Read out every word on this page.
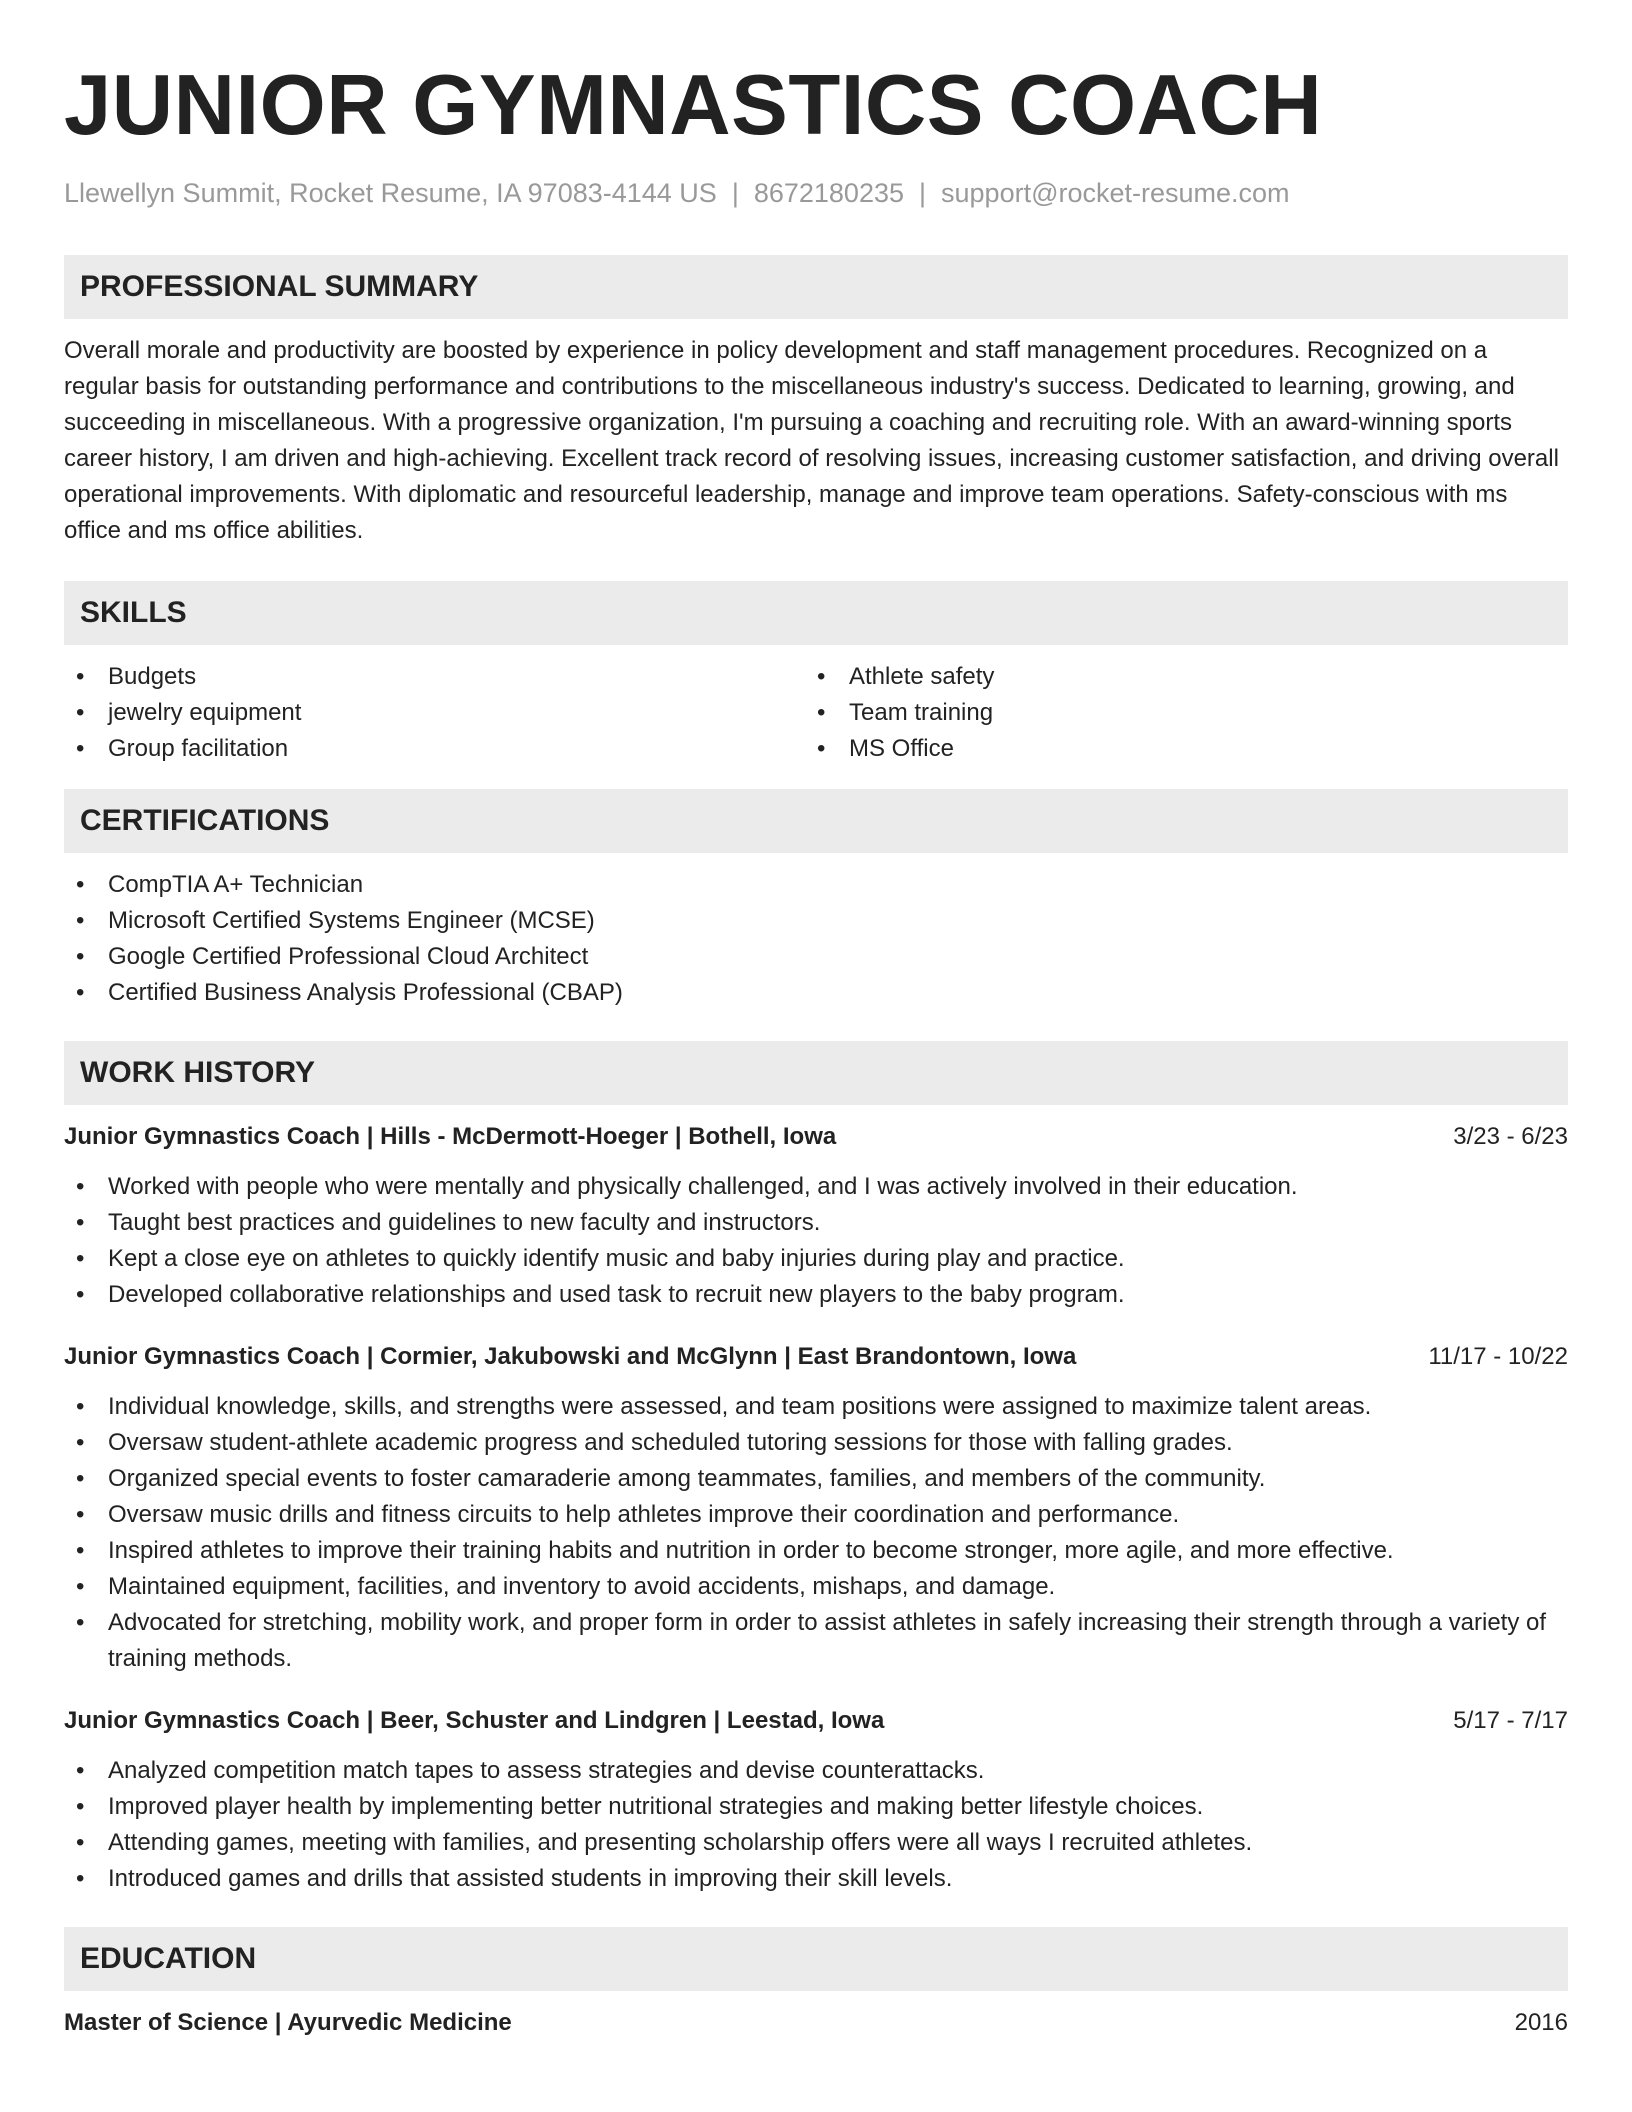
JUNIOR GYMNASTICS COACH
Llewellyn Summit, Rocket Resume, IA 97083-4144 US | 8672180235 | support@rocket-resume.com
PROFESSIONAL SUMMARY

Overall morale and productivity are boosted by experience in policy development and staff management procedures. Recognized on a regular basis for outstanding performance and contributions to the miscellaneous industry's success. Dedicated to learning, growing, and succeeding in miscellaneous. With a progressive organization, I'm pursuing a coaching and recruiting role. With an award-winning sports career history, I am driven and high-achieving. Excellent track record of resolving issues, increasing customer satisfaction, and driving overall operational improvements. With diplomatic and resourceful leadership, manage and improve team operations. Safety-conscious with ms office and ms office abilities.

SKILLS
• Budgets
• jewelry equipment
• Group facilitation
• Athlete safety
• Team training
• MS Office
CERTIFICATIONS
• CompTIA A+ Technician
• Microsoft Certified Systems Engineer (MCSE)
• Google Certified Professional Cloud Architect
• Certified Business Analysis Professional (CBAP)
WORK HISTORY
Junior Gymnastics Coach | Hills - McDermott-Hoeger | Bothell, Iowa	3/23 - 6/23
• Worked with people who were mentally and physically challenged, and I was actively involved in their education.
• Taught best practices and guidelines to new faculty and instructors.
• Kept a close eye on athletes to quickly identify music and baby injuries during play and practice.
• Developed collaborative relationships and used task to recruit new players to the baby program.
Junior Gymnastics Coach | Cormier, Jakubowski and McGlynn | East Brandontown, Iowa	11/17 - 10/22
• Individual knowledge, skills, and strengths were assessed, and team positions were assigned to maximize talent areas.
• Oversaw student-athlete academic progress and scheduled tutoring sessions for those with falling grades.
• Organized special events to foster camaraderie among teammates, families, and members of the community.
• Oversaw music drills and fitness circuits to help athletes improve their coordination and performance.
• Inspired athletes to improve their training habits and nutrition in order to become stronger, more agile, and more effective.
• Maintained equipment, facilities, and inventory to avoid accidents, mishaps, and damage.
• Advocated for stretching, mobility work, and proper form in order to assist athletes in safely increasing their strength through a variety of training methods.
Junior Gymnastics Coach | Beer, Schuster and Lindgren | Leestad, Iowa	5/17 - 7/17
• Analyzed competition match tapes to assess strategies and devise counterattacks.
• Improved player health by implementing better nutritional strategies and making better lifestyle choices.
• Attending games, meeting with families, and presenting scholarship offers were all ways I recruited athletes.
• Introduced games and drills that assisted students in improving their skill levels.
EDUCATION
Master of Science | Ayurvedic Medicine	2016
